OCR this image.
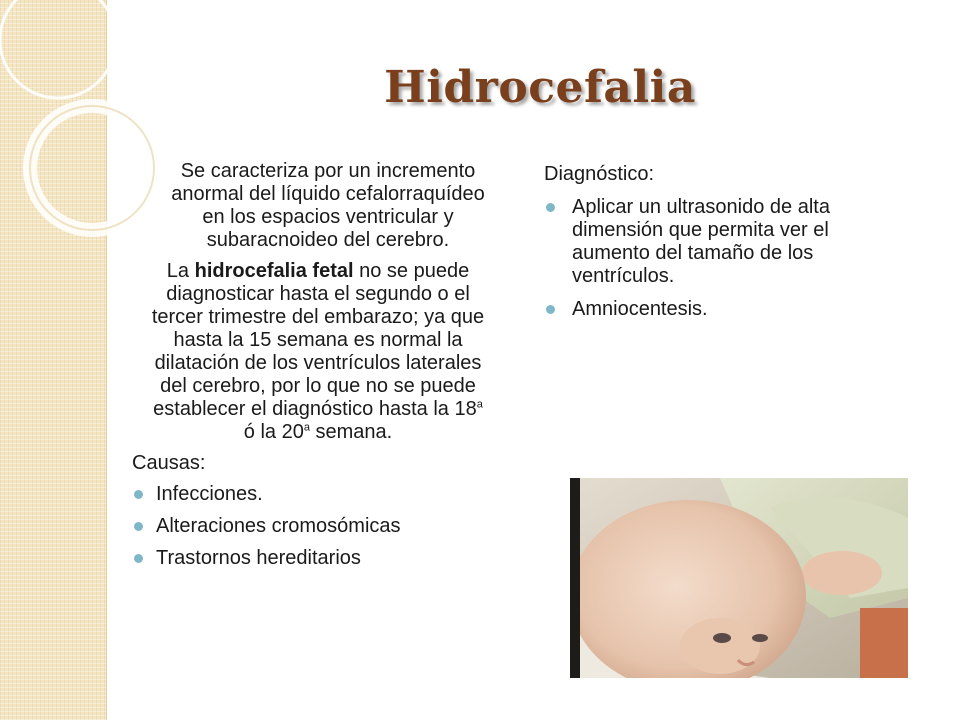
Hidrocefalia

Se caracteriza por un incremento anormal del líquido cefalorraquídeo en los espacios ventricular y subaracnoideo del cerebro.

La hidrocefalia fetal no se puede diagnosticar hasta el segundo o el tercer trimestre del embarazo; ya que hasta la 15 semana es normal la dilatación de los ventrículos laterales del cerebro, por lo que no se puede establecer el diagnóstico hasta la 18$^a$ ó la 20$^a$ semana.

Causas:
Infecciones.
Alteraciones cromosómicas
Trastornos hereditarios
Diagnóstico:
Aplicar un ultrasonido de alta dimensión que permita ver el aumento del tamaño de los ventrículos.
Amniocentesis.
